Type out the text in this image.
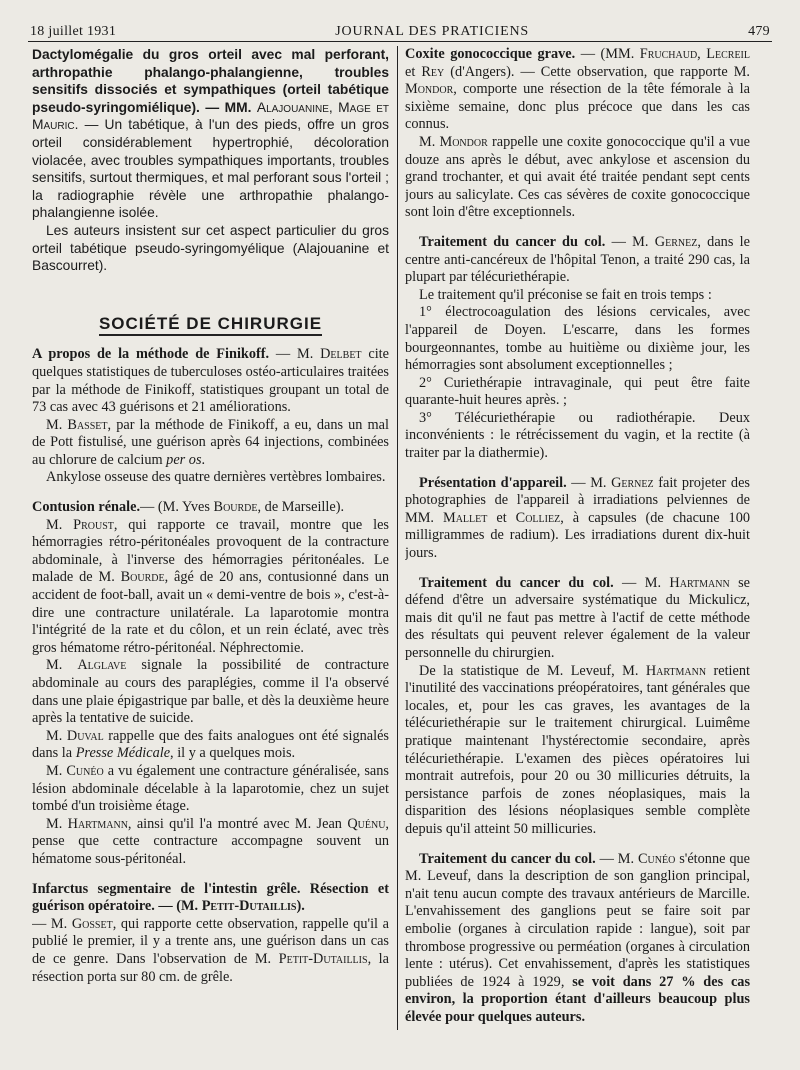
18 juillet 1931	JOURNAL DES PRATICIENS	479

Dactylomégalie du gros orteil avec mal perforant, arthropathie phalango-phalangienne, troubles sensitifs dissociés et sympathiques (orteil tabétique pseudo-syringomiélique). — MM. Alajouanine, Mage et Mauric. — Un tabétique, à l'un des pieds, offre un gros orteil considérablement hypertrophié, décoloration violacée, avec troubles sympathiques importants, troubles sensitifs, surtout thermiques, et mal perforant sous l'orteil ; la radiographie révèle une arthropathie phalango-phalangienne isolée.

Les auteurs insistent sur cet aspect particulier du gros orteil tabétique pseudo-syringomyélique (Alajouanine et Bascourret).

SOCIÉTÉ DE CHIRURGIE

A propos de la méthode de Finikoff. — M. Delbet cite quelques statistiques de tuberculoses ostéo-articulaires traitées par la méthode de Finikoff, statistiques groupant un total de 73 cas avec 43 guérisons et 21 améliorations.

M. Basset, par la méthode de Finikoff, a eu, dans un mal de Pott fistulisé, une guérison après 64 injections, combinées au chlorure de calcium per os.

Ankylose osseuse des quatre dernières vertèbres lombaires.

Contusion rénale.— (M. Yves Bourde, de Marseille).

M. Proust, qui rapporte ce travail, montre que les hémorragies rétro-péritonéales provoquent de la contracture abdominale, à l'inverse des hémorragies péritonéales. Le malade de M. Bourde, âgé de 20 ans, contusionné dans un accident de foot-ball, avait un « demi-ventre de bois », c'est-à-dire une contracture unilatérale. La laparotomie montra l'intégrité de la rate et du côlon, et un rein éclaté, avec très gros hématome rétro-péritonéal. Néphrectomie.

M. Alglave signale la possibilité de contracture abdominale au cours des paraplégies, comme il l'a observé dans une plaie épigastrique par balle, et dès la deuxième heure après la tentative de suicide.

M. Duval rappelle que des faits analogues ont été signalés dans la Presse Médicale, il y a quelques mois.

M. Cunéo a vu également une contracture généralisée, sans lésion abdominale décelable à la laparotomie, chez un sujet tombé d'un troisième étage.

M. Hartmann, ainsi qu'il l'a montré avec M. Jean Quénu, pense que cette contracture accompagne souvent un hématome sous-péritonéal.

Infarctus segmentaire de l'intestin grêle. Résection et guérison opératoire. — (M. Petit-Dutaillis).

— M. Gosset, qui rapporte cette observation, rappelle qu'il a publié le premier, il y a trente ans, une guérison dans un cas de ce genre. Dans l'observation de M. Petit-Dutaillis, la résection porta sur 80 cm. de grêle.

Coxite gonococcique grave. — (MM. Fruchaud, Lecreil et Rey (d'Angers). — Cette observation, que rapporte M. Mondor, comporte une résection de la tête fémorale à la sixième semaine, donc plus précoce que dans les cas connus.

M. Mondor rappelle une coxite gonococcique qu'il a vue douze ans après le début, avec ankylose et ascension du grand trochanter, et qui avait été traitée pendant sept cents jours au salicylate. Ces cas sévères de coxite gonococcique sont loin d'être exceptionnels.

Traitement du cancer du col. — M. Gernez, dans le centre anti-cancéreux de l'hôpital Tenon, a traité 290 cas, la plupart par télécuriethérapie.

Le traitement qu'il préconise se fait en trois temps :

1° électrocoagulation des lésions cervicales, avec l'appareil de Doyen. L'escarre, dans les formes bourgeonnantes, tombe au huitième ou dixième jour, les hémorragies sont absolument exceptionnelles ;

2° Curiethérapie intravaginale, qui peut être faite quarante-huit heures après. ;

3° Télécuriethérapie ou radiothérapie. Deux inconvénients : le rétrécissement du vagin, et la rectite (à traiter par la diathermie).

Présentation d'appareil. — M. Gernez fait projeter des photographies de l'appareil à irradiations pelviennes de MM. Mallet et Colliez, à capsules (de chacune 100 milligrammes de radium). Les irradiations durent dix-huit jours.

Traitement du cancer du col. — M. Hartmann se défend d'être un adversaire systématique du Mickulicz, mais dit qu'il ne faut pas mettre à l'actif de cette méthode des résultats qui peuvent relever également de la valeur personnelle du chirurgien.

De la statistique de M. Leveuf, M. Hartmann retient l'inutilité des vaccinations préopératoires, tant générales que locales, et, pour les cas graves, les avantages de la télécuriethérapie sur le traitement chirurgical. Luimême pratique maintenant l'hystérectomie secondaire, après télécuriethérapie. L'examen des pièces opératoires lui montrait autrefois, pour 20 ou 30 millicuries détruits, la persistance parfois de zones néoplasiques, mais la disparition des lésions néoplasiques semble complète depuis qu'il atteint 50 millicuries.

Traitement du cancer du col. — M. Cunéo s'étonne que M. Leveuf, dans la description de son ganglion principal, n'ait tenu aucun compte des travaux antérieurs de Marcille. L'envahissement des ganglions peut se faire soit par embolie (organes à circulation rapide : langue), soit par thrombose progressive ou perméation (organes à circulation lente : utérus). Cet envahissement, d'après les statistiques publiées de 1924 à 1929, se voit dans 27 % des cas environ, la proportion étant d'ailleurs beaucoup plus élevée pour quelques auteurs.
